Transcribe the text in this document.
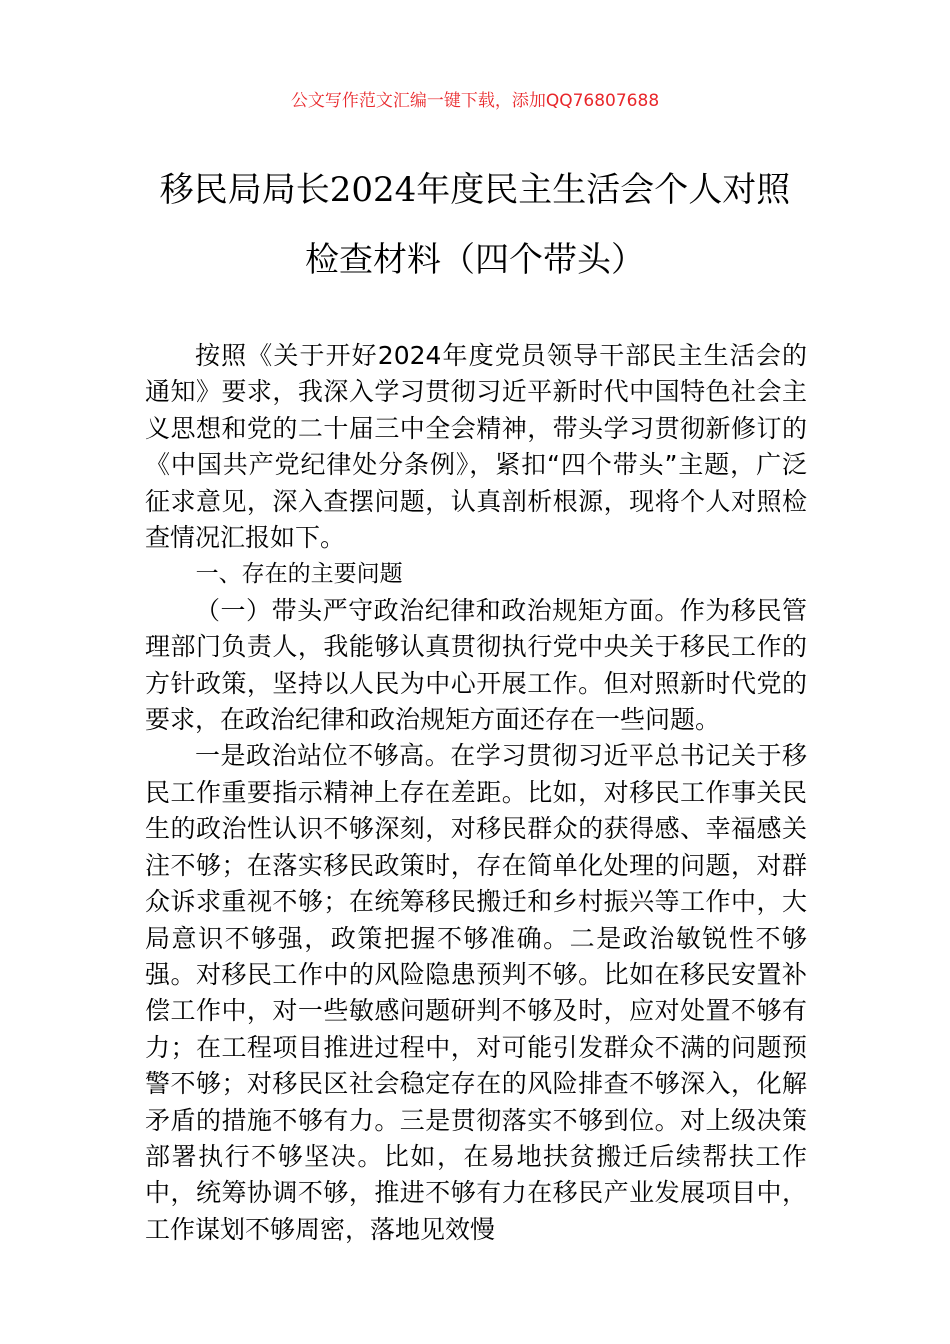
公文写作范文汇编一键下载，添加QQ76807688
移民局局长2024年度民主生活会个人对照
检查材料（四个带头）

按照《关于开好2024年度党员领导干部民主生活会的通知》要求，我深入学习贯彻习近平新时代中国特色社会主义思想和党的二十届三中全会精神，带头学习贯彻新修订的《中国共产党纪律处分条例》，紧扣“四个带头”主题，广泛征求意见，深入查摆问题，认真剖析根源，现将个人对照检查情况汇报如下。

一、存在的主要问题

（一）带头严守政治纪律和政治规矩方面。作为移民管理部门负责人，我能够认真贯彻执行党中央关于移民工作的方针政策，坚持以人民为中心开展工作。但对照新时代党的要求，在政治纪律和政治规矩方面还存在一些问题。

一是政治站位不够高。在学习贯彻习近平总书记关于移民工作重要指示精神上存在差距。比如，对移民工作事关民生的政治性认识不够深刻，对移民群众的获得感、幸福感关注不够；在落实移民政策时，存在简单化处理的问题，对群众诉求重视不够；在统筹移民搬迁和乡村振兴等工作中，大局意识不够强，政策把握不够准确。二是政治敏锐性不够强。对移民工作中的风险隐患预判不够。比如在移民安置补偿工作中，对一些敏感问题研判不够及时，应对处置不够有力；在工程项目推进过程中，对可能引发群众不满的问题预警不够；对移民区社会稳定存在的风险排查不够深入，化解矛盾的措施不够有力。三是贯彻落实不够到位。对上级决策部署执行不够坚决。比如，在易地扶贫搬迁后续帮扶工作中，统筹协调不够，推进不够有力在移民产业发展项目中，工作谋划不够周密，落地见效慢
